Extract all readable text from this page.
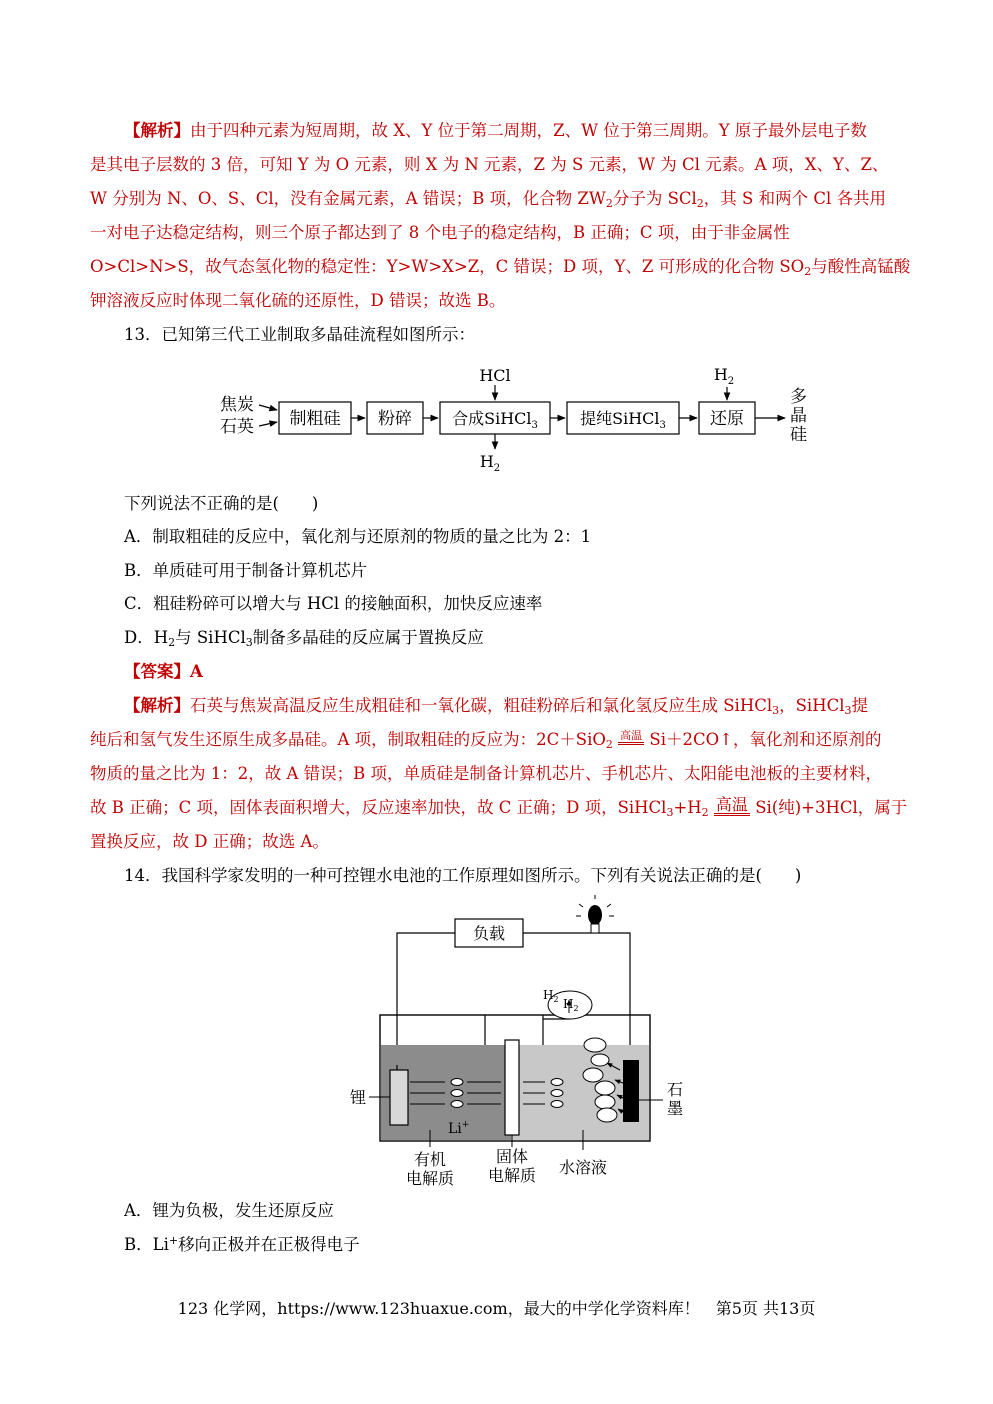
【解析】由于四种元素为短周期，故 X、Y 位于第二周期，Z、W 位于第三周期。Y 原子最外层电子数
是其电子层数的 3 倍，可知 Y 为 O 元素，则 X 为 N 元素，Z 为 S 元素，W 为 Cl 元素。A 项，X、Y、Z、
W 分别为 N、O、S、Cl，没有金属元素，A 错误；B 项，化合物 $ZW_2$分子为 SCl$_2$，其 S 和两个 Cl 各共用
一对电子达稳定结构，则三个原子都达到了 8 个电子的稳定结构，B 正确；C 项，由于非金属性
O>Cl>N>S，故气态氢化物的稳定性：Y>W>X>Z，C 错误；D 项，Y、Z 可形成的化合物 $SO_2$与酸性高锰酸
钾溶液反应时体现二氧化硫的还原性，D 错误；故选 B。
13．已知第三代工业制取多晶硅流程如图所示：
焦炭
石英 制粗硅 粉碎	合成SiHCl$_3$
HCl
$H_2$
提纯SiHCl$_3$	还原
$H_2$
多
晶
硅
下列说法不正确的是(　　)
A．制取粗硅的反应中，氧化剂与还原剂的物质的量之比为 2：1
B．单质硅可用于制备计算机芯片
C．粗硅粉碎可以增大与 HCl 的接触面积，加快反应速率
D．$H_2$与 SiHCl$_3$制备多晶硅的反应属于置换反应
【答案】A
【解析】石英与焦炭高温反应生成粗硅和一氧化碳，粗硅粉碎后和氯化氢反应生成 SiHCl$_3$，SiHCl$_3$提
纯后和氢气发生还原生成多晶硅。A 项，制取粗硅的反应为：2C＋SiO$_2$ 高温 Si＋2CO↑，氧化剂和还原剂的
物质的量之比为 1：2，故 A 错误；B 项，单质硅是制备计算机芯片、手机芯片、太阳能电池板的主要材料，
故 B 正确；C 项，固体表面积增大，反应速率加快，故 C 正确；D 项，$SiHCl_3+H_2$ 高温 Si(纯)+3HCl，属于
置换反应，故 D 正确；故选 A。
14．我国科学家发明的一种可控锂水电池的工作原理如图所示。下列有关说法正确的是(　　)
负载
$H_2$
$H_2$
锂
Li+
石
墨
有机
电解质
固体
电解质 水溶液
A．锂为负极，发生还原反应
B．Li+移向正极并在正极得电子
123 化学网，https://www.123huaxue.com，最大的中学化学资料库！　第5页 共13页
